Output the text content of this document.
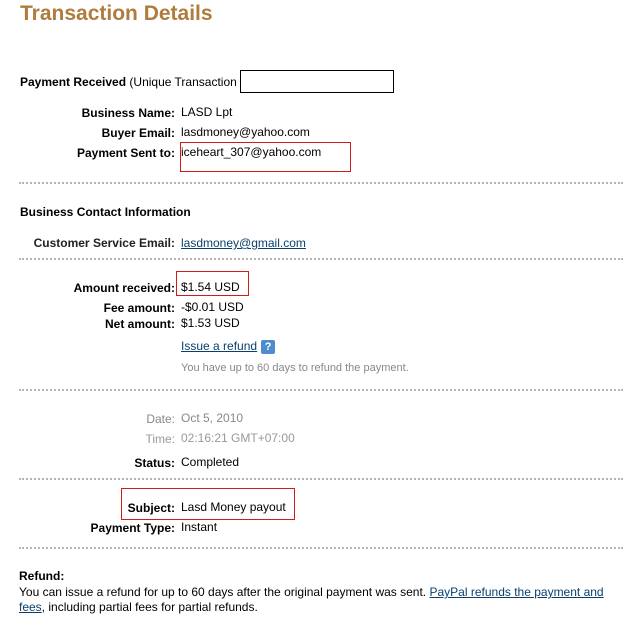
Transaction Details
Payment Received (Unique Transaction
Business Name: LASD Lpt
Buyer Email: lasdmoney@yahoo.com
Payment Sent to: iceheart_307@yahoo.com
Business Contact Information
Customer Service Email: lasdmoney@gmail.com
Amount received: $1.54 USD
Fee amount: -$0.01 USD
Net amount: $1.53 USD
Issue a refund ?
You have up to 60 days to refund the payment.
Date: Oct 5, 2010
Time: 02:16:21 GMT+07:00
Status: Completed
Subject: Lasd Money payout
Payment Type: Instant
Refund:
You can issue a refund for up to 60 days after the original payment was sent. PayPal refunds the payment and fees, including partial fees for partial refunds.
